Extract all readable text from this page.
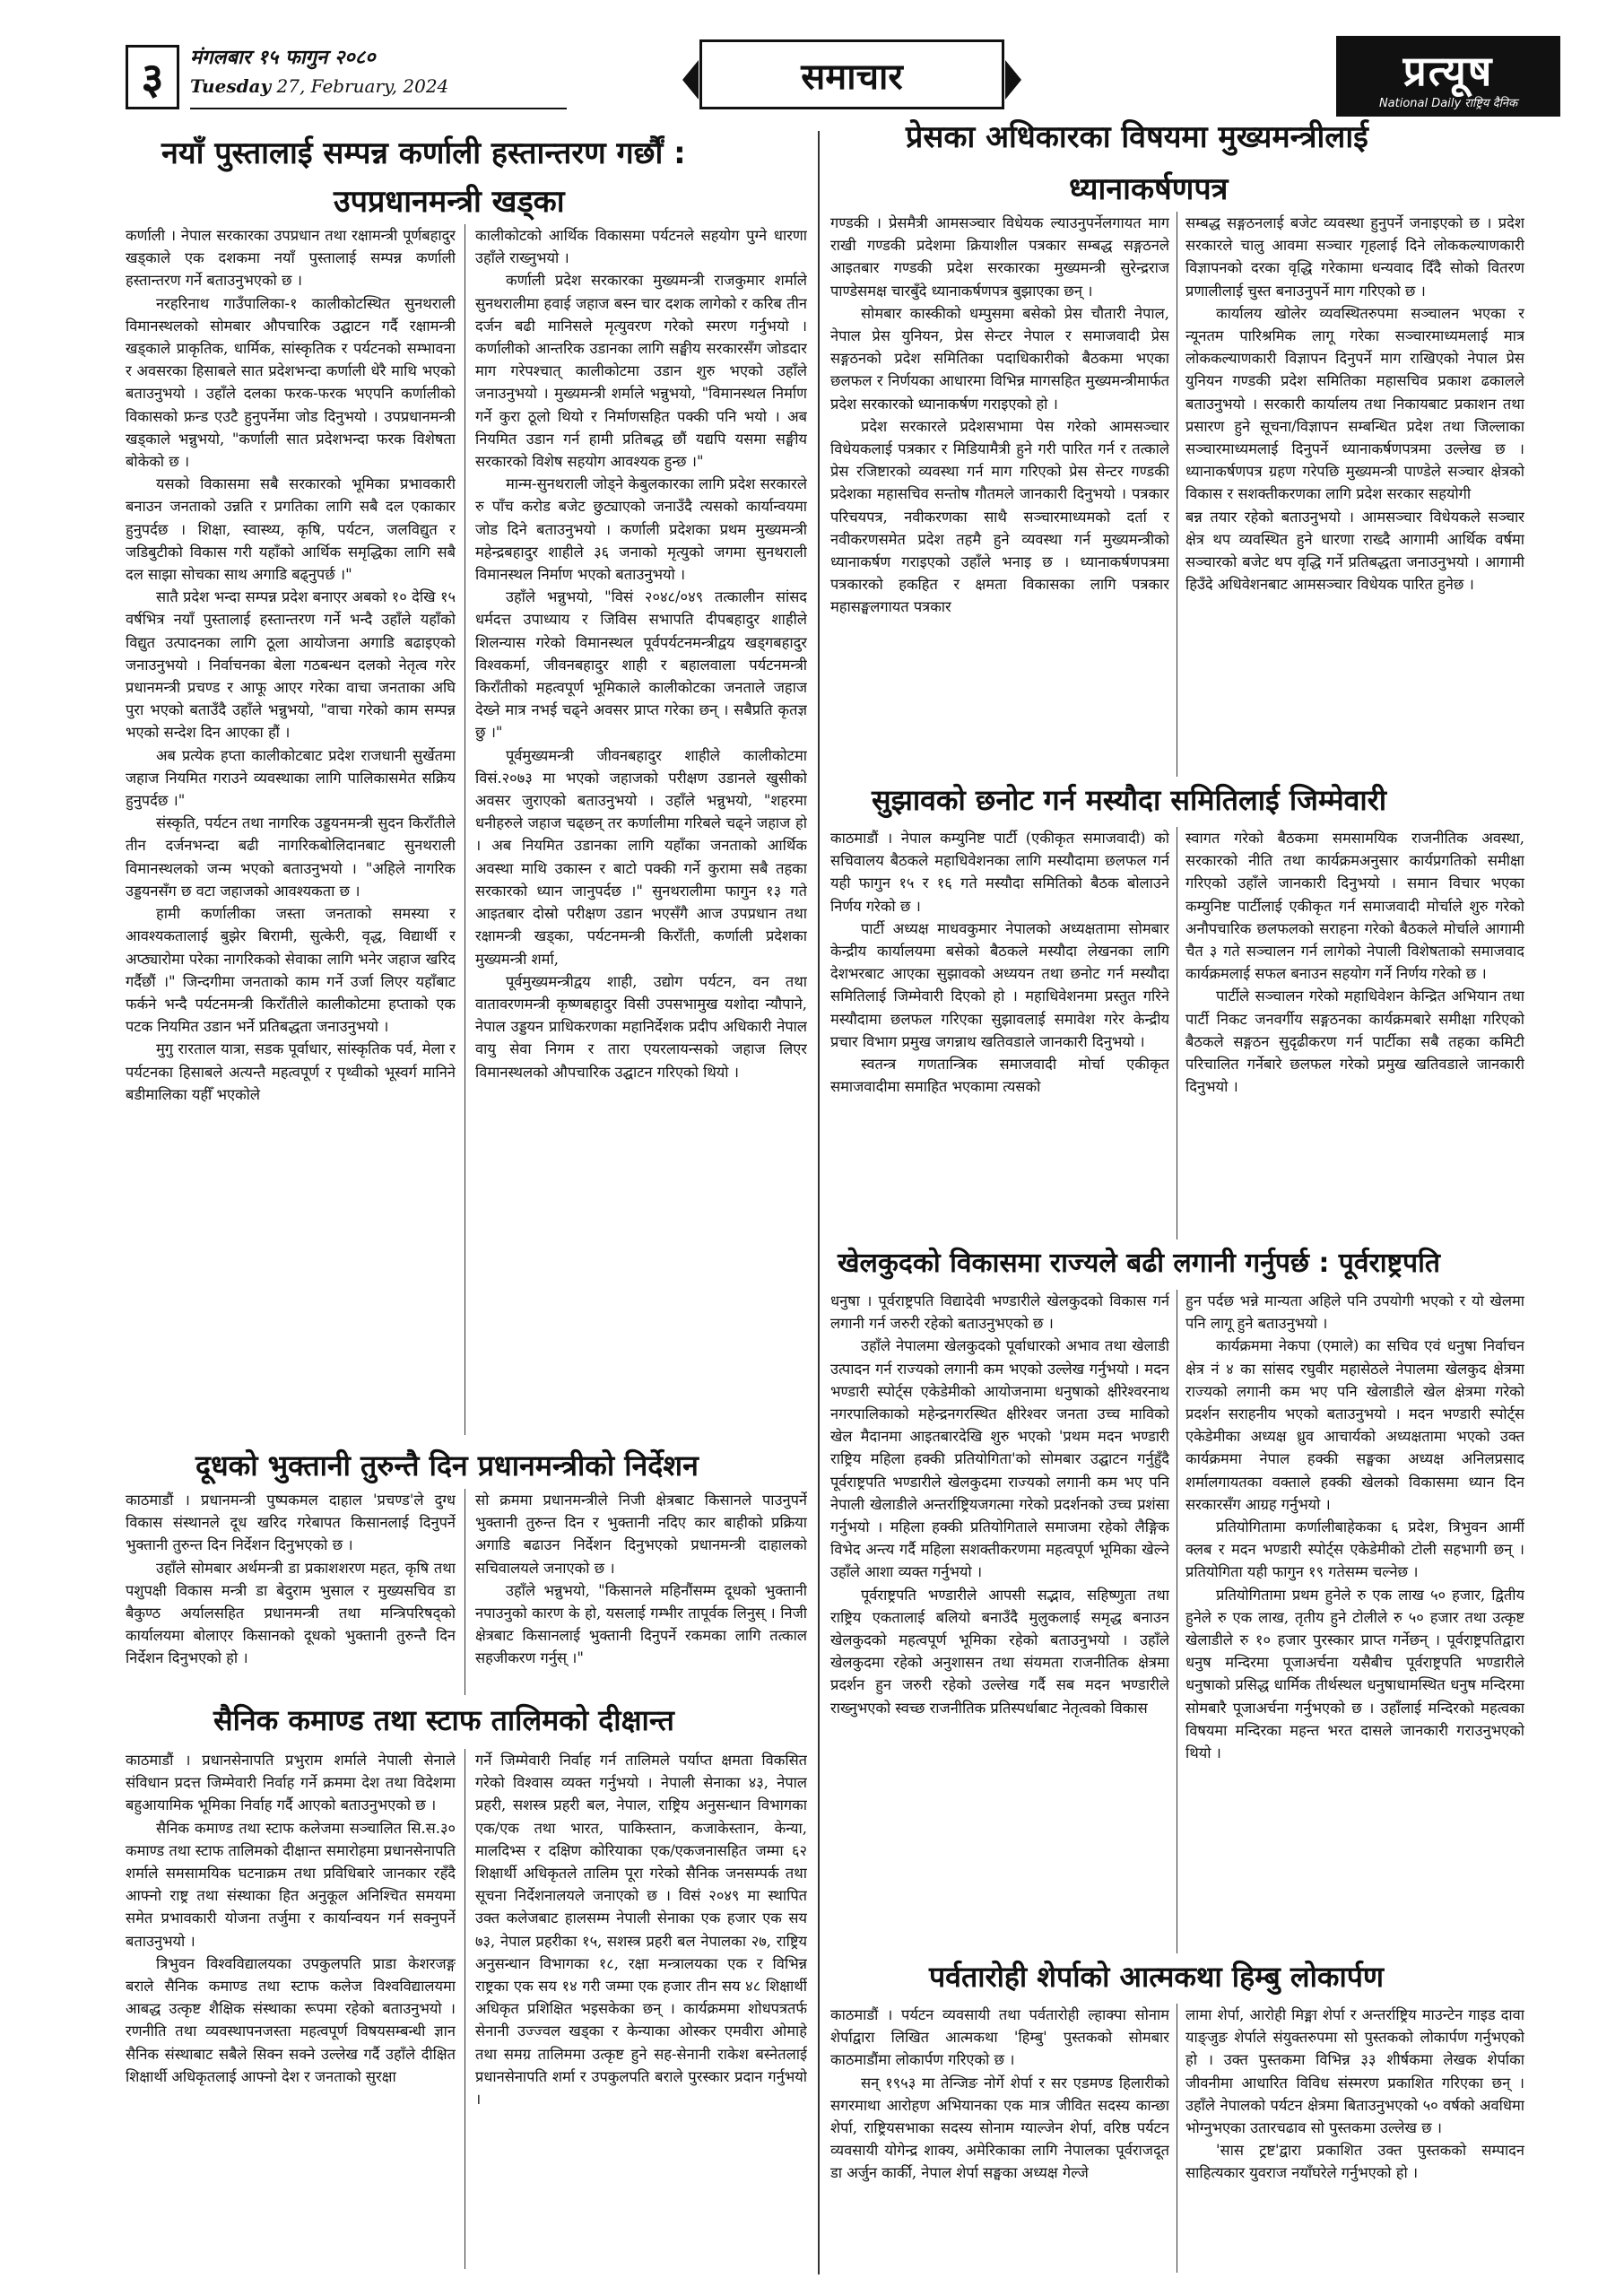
३	मंगलबार १५ फागुन २०८०
Tuesday 27, February, 2024	समाचार	प्रत्यूष
National Daily राष्ट्रिय दैनिक
नयाँ पुस्तालाई सम्पन्न कर्णाली हस्तान्तरण गर्छौं :
उपप्रधानमन्त्री खड्का

कर्णाली । नेपाल सरकारका उपप्रधान तथा रक्षामन्त्री पूर्णबहादुर खड्काले एक दशकमा नयाँ पुस्तालाई सम्पन्न कर्णाली हस्तान्तरण गर्ने बताउनुभएको छ ।

नरहरिनाथ गाउँपालिका-१ कालीकोटस्थित सुनथराली विमानस्थलको सोमबार औपचारिक उद्घाटन गर्दै रक्षामन्त्री खड्काले प्राकृतिक, धार्मिक, सांस्कृतिक र पर्यटनको सम्भावना र अवसरका हिसाबले सात प्रदेशभन्दा कर्णाली धेरै माथि भएको बताउनुभयो । उहाँले दलका फरक-फरक भएपनि कर्णालीको विकासको फ्रन्ड एउटै हुनुपर्नेमा जोड दिनुभयो । उपप्रधानमन्त्री खड्काले भन्नुभयो, "कर्णाली सात प्रदेशभन्दा फरक विशेषता बोकेको छ ।

यसको विकासमा सबै सरकारको भूमिका प्रभावकारी बनाउन जनताको उन्नति र प्रगतिका लागि सबै दल एकाकार हुनुपर्दछ । शिक्षा, स्वास्थ्य, कृषि, पर्यटन, जलविद्युत र जडिबुटीको विकास गरी यहाँको आर्थिक समृद्धिका लागि सबै दल साझा सोचका साथ अगाडि बढ्नुपर्छ ।"

सातै प्रदेश भन्दा सम्पन्न प्रदेश बनाएर अबको १० देखि १५ वर्षभित्र नयाँ पुस्तालाई हस्तान्तरण गर्ने भन्दै उहाँले यहाँको विद्युत उत्पादनका लागि ठूला आयोजना अगाडि बढाइएको जनाउनुभयो । निर्वाचनका बेला गठबन्धन दलको नेतृत्व गरेर प्रधानमन्त्री प्रचण्ड र आफू आएर गरेका वाचा जनताका अघि पुरा भएको बताउँदै उहाँले भन्नुभयो, "वाचा गरेको काम सम्पन्न भएको सन्देश दिन आएका हौं ।

अब प्रत्येक हप्ता कालीकोटबाट प्रदेश राजधानी सुर्खेतमा जहाज नियमित गराउने व्यवस्थाका लागि पालिकासमेत सक्रिय हुनुपर्दछ ।"

संस्कृति, पर्यटन तथा नागरिक उड्डयनमन्त्री सुदन किराँतीले तीन दर्जनभन्दा बढी नागरिकबोलिदानबाट सुनथराली विमानस्थलको जन्म भएको बताउनुभयो । "अहिले नागरिक उड्डयनसँग छ वटा जहाजको आवश्यकता छ ।

हामी कर्णालीका जस्ता जनताको समस्या र आवश्यकतालाई बुझेर बिरामी, सुत्केरी, वृद्ध, विद्यार्थी र अप्ठ्यारोमा परेका नागरिकको सेवाका लागि भनेर जहाज खरिद गर्दैछौं ।" जिन्दगीमा जनताको काम गर्ने उर्जा लिएर यहाँबाट फर्कने भन्दै पर्यटनमन्त्री किराँतीले कालीकोटमा हप्ताको एक पटक नियमित उडान भर्ने प्रतिबद्धता जनाउनुभयो ।

मुगु रारताल यात्रा, सडक पूर्वाधार, सांस्कृतिक पर्व, मेला र पर्यटनका हिसाबले अत्यन्तै महत्वपूर्ण र पृथ्वीको भूस्वर्ग मानिने बडीमालिका यहीँ भएकोले

कालीकोटको आर्थिक विकासमा पर्यटनले सहयोग पुग्ने धारणा उहाँले राख्नुभयो ।

कर्णाली प्रदेश सरकारका मुख्यमन्त्री राजकुमार शर्माले सुनथरालीमा हवाई जहाज बस्न चार दशक लागेको र करिब तीन दर्जन बढी मानिसले मृत्युवरण गरेको स्मरण गर्नुभयो । कर्णालीको आन्तरिक उडानका लागि सङ्घीय सरकारसँग जोडदार माग गरेपश्चात् कालीकोटमा उडान शुरु भएको उहाँले जनाउनुभयो । मुख्यमन्त्री शर्माले भन्नुभयो, "विमानस्थल निर्माण गर्ने कुरा ठूलो थियो र निर्माणसहित पक्की पनि भयो । अब नियमित उडान गर्न हामी प्रतिबद्ध छौं यद्यपि यसमा सङ्घीय सरकारको विशेष सहयोग आवश्यक हुन्छ ।"

मान्म-सुनथराली जोड्ने केबुलकारका लागि प्रदेश सरकारले रु पाँच करोड बजेट छुट्याएको जनाउँदै त्यसको कार्यान्वयमा जोड दिने बताउनुभयो । कर्णाली प्रदेशका प्रथम मुख्यमन्त्री महेन्द्रबहादुर शाहीले ३६ जनाको मृत्युको जगमा सुनथराली विमानस्थल निर्माण भएको बताउनुभयो ।

उहाँले भन्नुभयो, "विसं २०४८/०४९ तत्कालीन सांसद धर्मदत्त उपाध्याय र जिविस सभापति दीपबहादुर शाहीले शिलन्यास गरेको विमानस्थल पूर्वपर्यटनमन्त्रीद्वय खड्गबहादुर विश्वकर्मा, जीवनबहादुर शाही र बहालवाला पर्यटनमन्त्री किराँतीको महत्वपूर्ण भूमिकाले कालीकोटका जनताले जहाज देख्ने मात्र नभई चढ्ने अवसर प्राप्त गरेका छन् । सबैप्रति कृतज्ञ छु ।"

पूर्वमुख्यमन्त्री जीवनबहादुर शाहीले कालीकोटमा विसं.२०७३ मा भएको जहाजको परीक्षण उडानले खुसीको अवसर जुराएको बताउनुभयो । उहाँले भन्नुभयो, "शहरमा धनीहरुले जहाज चढ्छन् तर कर्णालीमा गरिबले चढ्ने जहाज हो । अब नियमित उडानका लागि यहाँका जनताको आर्थिक अवस्था माथि उकास्न र बाटो पक्की गर्ने कुरामा सबै तहका सरकारको ध्यान जानुपर्दछ ।" सुनथरालीमा फागुन १३ गते आइतबार दोस्रो परीक्षण उडान भएसँगै आज उपप्रधान तथा रक्षामन्त्री खड्का, पर्यटनमन्त्री किराँती, कर्णाली प्रदेशका मुख्यमन्त्री शर्मा,

पूर्वमुख्यमन्त्रीद्वय शाही, उद्योग पर्यटन, वन तथा वातावरणमन्त्री कृष्णबहादुर विसी उपसभामुख यशोदा न्यौपाने, नेपाल उड्डयन प्राधिकरणका महानिर्देशक प्रदीप अधिकारी नेपाल वायु सेवा निगम र तारा एयरलायन्सको जहाज लिएर विमानस्थलको औपचारिक उद्घाटन गरिएको थियो ।

दूधको भुक्तानी तुरुन्तै दिन प्रधानमन्त्रीको निर्देशन

काठमाडौं । प्रधानमन्त्री पुष्पकमल दाहाल 'प्रचण्ड'ले दुग्ध विकास संस्थानले दूध खरिद गरेबापत किसानलाई दिनुपर्ने भुक्तानी तुरुन्त दिन निर्देशन दिनुभएको छ ।

उहाँले सोमबार अर्थमन्त्री डा प्रकाशशरण महत, कृषि तथा पशुपक्षी विकास मन्त्री डा बेदुराम भुसाल र मुख्यसचिव डा बैकुण्ठ अर्यालसहित प्रधानमन्त्री तथा मन्त्रिपरिषद्को कार्यालयमा बोलाएर किसानको दूधको भुक्तानी तुरुन्तै दिन निर्देशन दिनुभएको हो ।

सो क्रममा प्रधानमन्त्रीले निजी क्षेत्रबाट किसानले पाउनुपर्ने भुक्तानी तुरुन्त दिन र भुक्तानी नदिए कार बाहीको प्रक्रिया अगाडि बढाउन निर्देशन दिनुभएको प्रधानमन्त्री दाहालको सचिवालयले जनाएको छ ।

उहाँले भन्नुभयो, "किसानले महिनौंसम्म दूधको भुक्तानी नपाउनुको कारण के हो, यसलाई गम्भीर तापूर्वक लिनुस् । निजी क्षेत्रबाट किसानलाई भुक्तानी दिनुपर्ने रकमका लागि तत्काल सहजीकरण गर्नुस् ।"

सैनिक कमाण्ड तथा स्टाफ तालिमको दीक्षान्त

काठमाडौं । प्रधानसेनापति प्रभुराम शर्माले नेपाली सेनाले संविधान प्रदत्त जिम्मेवारी निर्वाह गर्ने क्रममा देश तथा विदेशमा बहुआयामिक भूमिका निर्वाह गर्दै आएको बताउनुभएको छ ।

सैनिक कमाण्ड तथा स्टाफ कलेजमा सञ्चालित सि.स.३० कमाण्ड तथा स्टाफ तालिमको दीक्षान्त समारोहमा प्रधानसेनापति शर्माले समसामयिक घटनाक्रम तथा प्रविधिबारे जानकार रहँदै आफ्नो राष्ट्र तथा संस्थाका हित अनुकूल अनिश्चित समयमा समेत प्रभावकारी योजना तर्जुमा र कार्यान्वयन गर्न सक्नुपर्ने बताउनुभयो ।

त्रिभुवन विश्वविद्यालयका उपकुलपति प्राडा केशरजङ्ग बराले सैनिक कमाण्ड तथा स्टाफ कलेज विश्वविद्यालयमा आबद्ध उत्कृष्ट शैक्षिक संस्थाका रूपमा रहेको बताउनुभयो । रणनीति तथा व्यवस्थापनजस्ता महत्वपूर्ण विषयसम्बन्धी ज्ञान सैनिक संस्थाबाट सबैले सिक्न सक्ने उल्लेख गर्दै उहाँले दीक्षित शिक्षार्थी अधिकृतलाई आफ्नो देश र जनताको सुरक्षा

गर्ने जिम्मेवारी निर्वाह गर्न तालिमले पर्याप्त क्षमता विकसित गरेको विश्वास व्यक्त गर्नुभयो । नेपाली सेनाका ४३, नेपाल प्रहरी, सशस्त्र प्रहरी बल, नेपाल, राष्ट्रिय अनुसन्धान विभागका एक/एक तथा भारत, पाकिस्तान, कजाकेस्तान, केन्या, मालदिभ्स र दक्षिण कोरियाका एक/एकजनासहित जम्मा ६२ शिक्षार्थी अधिकृतले तालिम पूरा गरेको सैनिक जनसम्पर्क तथा सूचना निर्देशनालयले जनाएको छ । विसं २०४९ मा स्थापित उक्त कलेजबाट हालसम्म नेपाली सेनाका एक हजार एक सय ७३, नेपाल प्रहरीका १५, सशस्त्र प्रहरी बल नेपालका २७, राष्ट्रिय अनुसन्धान विभागका १८, रक्षा मन्त्रालयका एक र विभिन्न राष्ट्रका एक सय १४ गरी जम्मा एक हजार तीन सय ४८ शिक्षार्थी अधिकृत प्रशिक्षित भइसकेका छन् । कार्यक्रममा शोधपत्रतर्फ सेनानी उज्ज्वल खड्का र केन्याका ओस्कर एमवीरा ओमाहे तथा समग्र तालिममा उत्कृष्ट हुने सह-सेनानी राकेश बस्नेतलाई प्रधानसेनापति शर्मा र उपकुलपति बराले पुरस्कार प्रदान गर्नुभयो ।

प्रेसका अधिकारका विषयमा मुख्यमन्त्रीलाई
ध्यानाकर्षणपत्र

गण्डकी । प्रेसमैत्री आमसञ्चार विधेयक ल्याउनुपर्नेलगायत माग राखी गण्डकी प्रदेशमा क्रियाशील पत्रकार सम्बद्ध सङ्गठनले आइतबार गण्डकी प्रदेश सरकारका मुख्यमन्त्री सुरेन्द्रराज पाण्डेसमक्ष चारबुँदे ध्यानाकर्षणपत्र बुझाएका छन् ।

सोमबार कास्कीको धम्पुसमा बसेको प्रेस चौतारी नेपाल, नेपाल प्रेस युनियन, प्रेस सेन्टर नेपाल र समाजवादी प्रेस सङ्गठनको प्रदेश समितिका पदाधिकारीको बैठकमा भएका छलफल र निर्णयका आधारमा विभिन्न मागसहित मुख्यमन्त्रीमार्फत प्रदेश सरकारको ध्यानाकर्षण गराइएको हो ।

प्रदेश सरकारले प्रदेशसभामा पेस गरेको आमसञ्चार विधेयकलाई पत्रकार र मिडियामैत्री हुने गरी पारित गर्न र तत्काले प्रेस रजिष्टारको व्यवस्था गर्न माग गरिएको प्रेस सेन्टर गण्डकी प्रदेशका महासचिव सन्तोष गौतमले जानकारी दिनुभयो । पत्रकार परिचयपत्र, नवीकरणका साथै सञ्चारमाध्यमको दर्ता र नवीकरणसमेत प्रदेश तहमै हुने व्यवस्था गर्न मुख्यमन्त्रीको ध्यानाकर्षण गराइएको उहाँले भनाइ छ । ध्यानाकर्षणपत्रमा पत्रकारको हकहित र क्षमता विकासका लागि पत्रकार महासङ्घलगायत पत्रकार

सम्बद्ध सङ्गठनलाई बजेट व्यवस्था हुनुपर्ने जनाइएको छ । प्रदेश सरकारले चालु आवमा सञ्चार गृहलाई दिने लोककल्याणकारी विज्ञापनको दरका वृद्धि गरेकामा धन्यवाद दिँदै सोको वितरण प्रणालीलाई चुस्त बनाउनुपर्ने माग गरिएको छ ।

कार्यालय खोलेर व्यवस्थितरुपमा सञ्चालन भएका र न्यूनतम पारिश्रमिक लागू गरेका सञ्चारमाध्यमलाई मात्र लोककल्याणकारी विज्ञापन दिनुपर्ने माग राखिएको नेपाल प्रेस युनियन गण्डकी प्रदेश समितिका महासचिव प्रकाश ढकालले बताउनुभयो । सरकारी कार्यालय तथा निकायबाट प्रकाशन तथा प्रसारण हुने सूचना/विज्ञापन सम्बन्धित प्रदेश तथा जिल्लाका सञ्चारमाध्यमलाई दिनुपर्ने ध्यानाकर्षणपत्रमा उल्लेख छ । ध्यानाकर्षणपत्र ग्रहण गरेपछि मुख्यमन्त्री पाण्डेले सञ्चार क्षेत्रको विकास र सशक्तीकरणका लागि प्रदेश सरकार सहयोगी

बन्न तयार रहेको बताउनुभयो । आमसञ्चार विधेयकले सञ्चार क्षेत्र थप व्यवस्थित हुने धारणा राख्दै आगामी आर्थिक वर्षमा सञ्चारको बजेट थप वृद्धि गर्ने प्रतिबद्धता जनाउनुभयो । आगामी हिउँदे अधिवेशनबाट आमसञ्चार विधेयक पारित हुनेछ ।

सुझावको छनोट गर्न मस्यौदा समितिलाई जिम्मेवारी

काठमाडौं । नेपाल कम्युनिष्ट पार्टी (एकीकृत समाजवादी) को सचिवालय बैठकले महाधिवेशनका लागि मस्यौदामा छलफल गर्न यही फागुन १५ र १६ गते मस्यौदा समितिको बैठक बोलाउने निर्णय गरेको छ ।

पार्टी अध्यक्ष माधवकुमार नेपालको अध्यक्षतामा सोमबार केन्द्रीय कार्यालयमा बसेको बैठकले मस्यौदा लेखनका लागि देशभरबाट आएका सुझावको अध्ययन तथा छनोट गर्न मस्यौदा समितिलाई जिम्मेवारी दिएको हो । महाधिवेशनमा प्रस्तुत गरिने मस्यौदामा छलफल गरिएका सुझावलाई समावेश गरेर केन्द्रीय प्रचार विभाग प्रमुख जगन्नाथ खतिवडाले जानकारी दिनुभयो ।

स्वतन्त्र गणतान्त्रिक समाजवादी मोर्चा एकीकृत समाजवादीमा समाहित भएकामा त्यसको

स्वागत गरेको बैठकमा समसामयिक राजनीतिक अवस्था, सरकारको नीति तथा कार्यक्रमअनुसार कार्यप्रगतिको समीक्षा गरिएको उहाँले जानकारी दिनुभयो । समान विचार भएका कम्युनिष्ट पार्टीलाई एकीकृत गर्न समाजवादी मोर्चाले शुरु गरेको अनौपचारिक छलफलको सराहना गरेको बैठकले मोर्चाले आगामी चैत ३ गते सञ्चालन गर्न लागेको नेपाली विशेषताको समाजवाद कार्यक्रमलाई सफल बनाउन सहयोग गर्ने निर्णय गरेको छ ।

पार्टीले सञ्चालन गरेको महाधिवेशन केन्द्रित अभियान तथा पार्टी निकट जनवर्गीय सङ्गठनका कार्यक्रमबारे समीक्षा गरिएको बैठकले सङ्गठन सुदृढीकरण गर्न पार्टीका सबै तहका कमिटी परिचालित गर्नेबारे छलफल गरेको प्रमुख खतिवडाले जानकारी दिनुभयो ।

खेलकुदको विकासमा राज्यले बढी लगानी गर्नुपर्छ : पूर्वराष्ट्रपति

धनुषा । पूर्वराष्ट्रपति विद्यादेवी भण्डारीले खेलकुदको विकास गर्न लगानी गर्न जरुरी रहेको बताउनुभएको छ ।

उहाँले नेपालमा खेलकुदको पूर्वाधारको अभाव तथा खेलाडी उत्पादन गर्न राज्यको लगानी कम भएको उल्लेख गर्नुभयो । मदन भण्डारी स्पोर्ट्स एकेडेमीको आयोजनामा धनुषाको क्षीरेश्वरनाथ नगरपालिकाको महेन्द्रनगरस्थित क्षीरेश्वर जनता उच्च माविको खेल मैदानमा आइतबारदेखि शुरु भएको 'प्रथम मदन भण्डारी राष्ट्रिय महिला हक्की प्रतियोगिता'को सोमबार उद्घाटन गर्नुहुँदै पूर्वराष्ट्रपति भण्डारीले खेलकुदमा राज्यको लगानी कम भए पनि नेपाली खेलाडीले अन्तर्राष्ट्रियजगत्मा गरेको प्रदर्शनको उच्च प्रशंसा गर्नुभयो । महिला हक्की प्रतियोगिताले समाजमा रहेको लैङ्गिक विभेद अन्त्य गर्दै महिला सशक्तीकरणमा महत्वपूर्ण भूमिका खेल्ने उहाँले आशा व्यक्त गर्नुभयो ।

पूर्वराष्ट्रपति भण्डारीले आपसी सद्भाव, सहिष्णुता तथा राष्ट्रिय एकतालाई बलियो बनाउँदै मुलुकलाई समृद्ध बनाउन खेलकुदको महत्वपूर्ण भूमिका रहेको बताउनुभयो । उहाँले खेलकुदमा रहेको अनुशासन तथा संयमता राजनीतिक क्षेत्रमा प्रदर्शन हुन जरुरी रहेको उल्लेख गर्दै सब मदन भण्डारीले राख्नुभएको स्वच्छ राजनीतिक प्रतिस्पर्धाबाट नेतृत्वको विकास

हुन पर्दछ भन्ने मान्यता अहिले पनि उपयोगी भएको र यो खेलमा पनि लागू हुने बताउनुभयो ।

कार्यक्रममा नेकपा (एमाले) का सचिव एवं धनुषा निर्वाचन क्षेत्र नं ४ का सांसद रघुवीर महासेठले नेपालमा खेलकुद क्षेत्रमा राज्यको लगानी कम भए पनि खेलाडीले खेल क्षेत्रमा गरेको प्रदर्शन सराहनीय भएको बताउनुभयो । मदन भण्डारी स्पोर्ट्स एकेडेमीका अध्यक्ष ध्रुव आचार्यको अध्यक्षतामा भएको उक्त कार्यक्रममा नेपाल हक्की सङ्घका अध्यक्ष अनिलप्रसाद शर्मालगायतका वक्ताले हक्की खेलको विकासमा ध्यान दिन सरकारसँग आग्रह गर्नुभयो ।

प्रतियोगितामा कर्णालीबाहेकका ६ प्रदेश, त्रिभुवन आर्मी क्लब र मदन भण्डारी स्पोर्ट्स एकेडेमीको टोली सहभागी छन् । प्रतियोगिता यही फागुन १९ गतेसम्म चल्नेछ ।

प्रतियोगितामा प्रथम हुनेले रु एक लाख ५० हजार, द्वितीय हुनेले रु एक लाख, तृतीय हुने टोलीले रु ५० हजार तथा उत्कृष्ट खेलाडीले रु १० हजार पुरस्कार प्राप्त गर्नेछन् । पूर्वराष्ट्रपतिद्वारा धनुष मन्दिरमा पूजाअर्चना यसैबीच पूर्वराष्ट्रपति भण्डारीले धनुषाको प्रसिद्ध धार्मिक तीर्थस्थल धनुषाधामस्थित धनुष मन्दिरमा सोमबारै पूजाअर्चना गर्नुभएको छ । उहाँलाई मन्दिरको महत्वका विषयमा मन्दिरका महन्त भरत दासले जानकारी गराउनुभएको थियो ।

पर्वतारोही शेर्पाको आत्मकथा हिम्बु लोकार्पण

काठमाडौं । पर्यटन व्यवसायी तथा पर्वतारोही ल्हाक्पा सोनाम शेर्पाद्वारा लिखित आत्मकथा 'हिम्बु' पुस्तकको सोमबार काठमाडौंमा लोकार्पण गरिएको छ ।

सन् १९५३ मा तेन्जिङ नोर्गे शेर्पा र सर एडमण्ड हिलारीको सगरमाथा आरोहण अभियानका एक मात्र जीवित सदस्य कान्छा शेर्पा, राष्ट्रियसभाका सदस्य सोनाम ग्याल्जेन शेर्पा, वरिष्ठ पर्यटन व्यवसायी योगेन्द्र शाक्य, अमेरिकाका लागि नेपालका पूर्वराजदूत डा अर्जुन कार्की, नेपाल शेर्पा सङ्घका अध्यक्ष गेल्जे

लामा शेर्पा, आरोही मिङ्मा शेर्पा र अन्तर्राष्ट्रिय माउन्टेन गाइड दावा याङ्जुङ शेर्पाले संयुक्तरुपमा सो पुस्तकको लोकार्पण गर्नुभएको हो । उक्त पुस्तकमा विभिन्न ३३ शीर्षकमा लेखक शेर्पाका जीवनीमा आधारित विविध संस्मरण प्रकाशित गरिएका छन् । उहाँले नेपालको पर्यटन क्षेत्रमा बिताउनुभएको ५० वर्षको अवधिमा भोग्नुभएका उतारचढाव सो पुस्तकमा उल्लेख छ ।

'सास ट्रष्ट'द्वारा प्रकाशित उक्त पुस्तकको सम्पादन साहित्यकार युवराज नयाँघरेले गर्नुभएको हो ।
